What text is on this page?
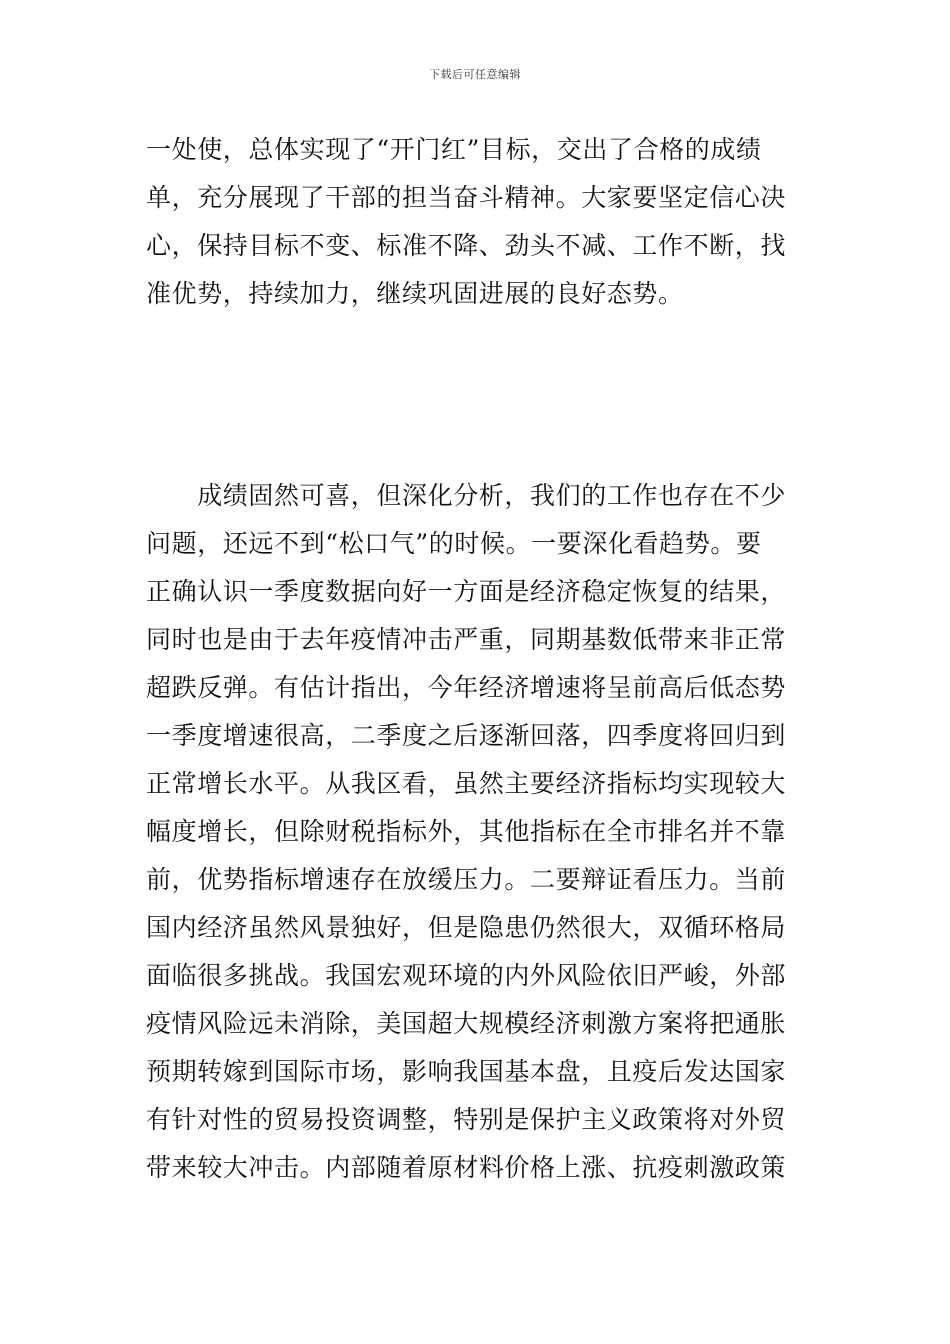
下载后可任意编辑
一处使，总体实现了“开门红”目标，交出了合格的成绩
单，充分展现了干部的担当奋斗精神。大家要坚定信心决
心，保持目标不变、标准不降、劲头不减、工作不断，找
准优势，持续加力，继续巩固进展的良好态势。
　　成绩固然可喜，但深化分析，我们的工作也存在不少
问题，还远不到“松口气”的时候。一要深化看趋势。要
正确认识一季度数据向好一方面是经济稳定恢复的结果，
同时也是由于去年疫情冲击严重，同期基数低带来非正常
超跌反弹。有估计指出，今年经济增速将呈前高后低态势
一季度增速很高，二季度之后逐渐回落，四季度将回归到
正常增长水平。从我区看，虽然主要经济指标均实现较大
幅度增长，但除财税指标外，其他指标在全市排名并不靠
前，优势指标增速存在放缓压力。二要辩证看压力。当前
国内经济虽然风景独好，但是隐患仍然很大，双循环格局
面临很多挑战。我国宏观环境的内外风险依旧严峻，外部
疫情风险远未消除，美国超大规模经济刺激方案将把通胀
预期转嫁到国际市场，影响我国基本盘，且疫后发达国家
有针对性的贸易投资调整，特别是保护主义政策将对外贸
带来较大冲击。内部随着原材料价格上涨、抗疫刺激政策
